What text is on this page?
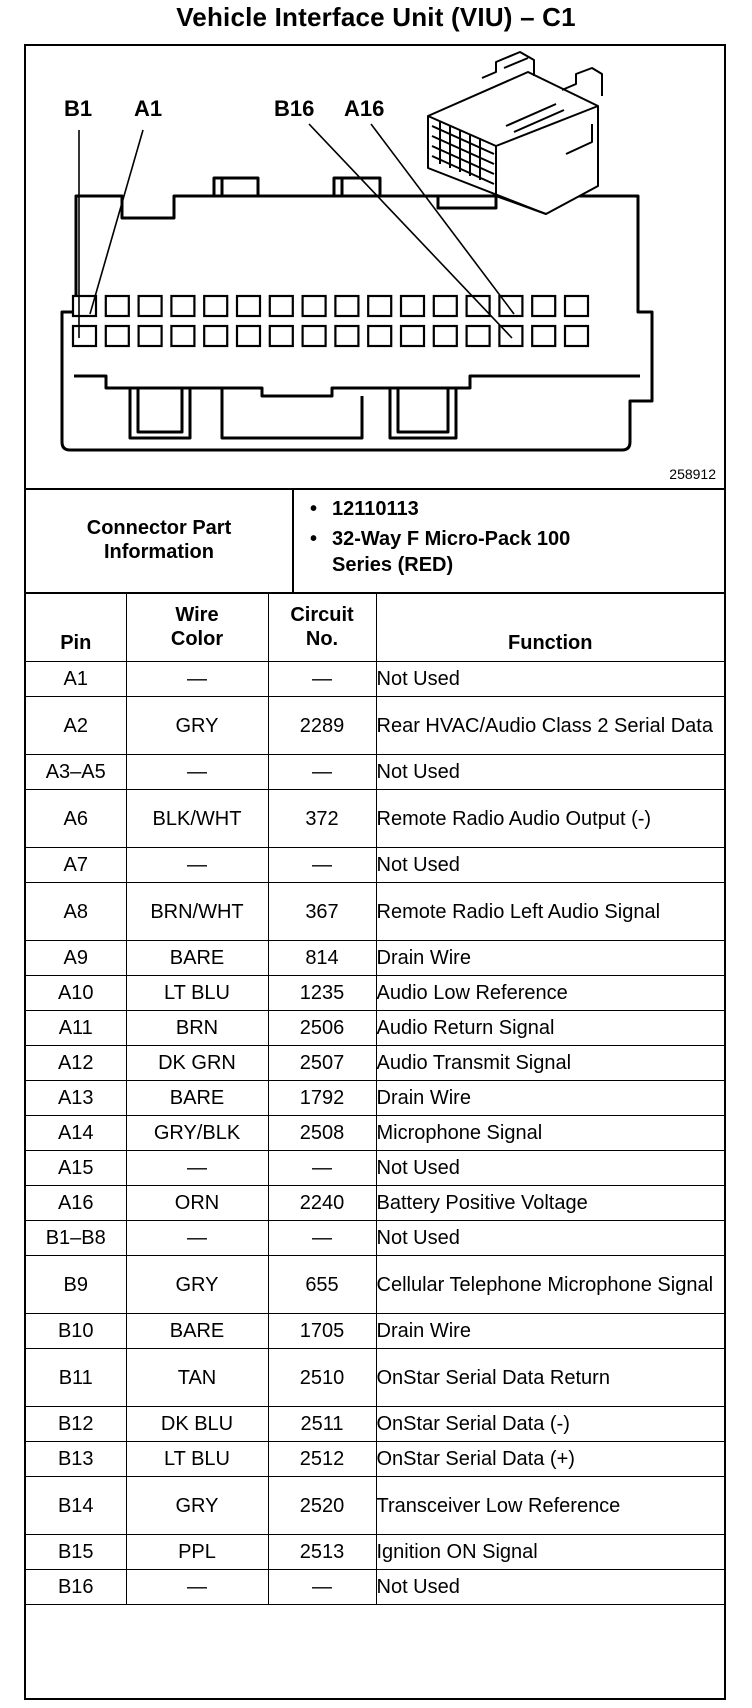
Vehicle Interface Unit (VIU) – C1
B1 A1	B16 A16
258912
Connector Part Information
• 12110113
• 32-Way F Micro-Pack 100 Series (RED)
Pin	Wire Color	Circuit No.	Function
A1	—	—	Not Used
A2	GRY	2289	Rear HVAC/Audio Class 2 Serial Data
A3–A5	—	—	Not Used
A6	BLK/WHT	372	Remote Radio Audio Output (-)
A7	—	—	Not Used
A8	BRN/WHT	367	Remote Radio Left Audio Signal
A9	BARE	814	Drain Wire
A10	LT BLU	1235	Audio Low Reference
A11	BRN	2506	Audio Return Signal
A12	DK GRN	2507	Audio Transmit Signal
A13	BARE	1792	Drain Wire
A14	GRY/BLK	2508	Microphone Signal
A15	—	—	Not Used
A16	ORN	2240	Battery Positive Voltage
B1–B8	—	—	Not Used
B9	GRY	655	Cellular Telephone Microphone Signal
B10	BARE	1705	Drain Wire
B11	TAN	2510	OnStar Serial Data Return
B12	DK BLU	2511	OnStar Serial Data (-)
B13	LT BLU	2512	OnStar Serial Data (+)
B14	GRY	2520	Transceiver Low Reference
B15	PPL	2513	Ignition ON Signal
B16	—	—	Not Used
